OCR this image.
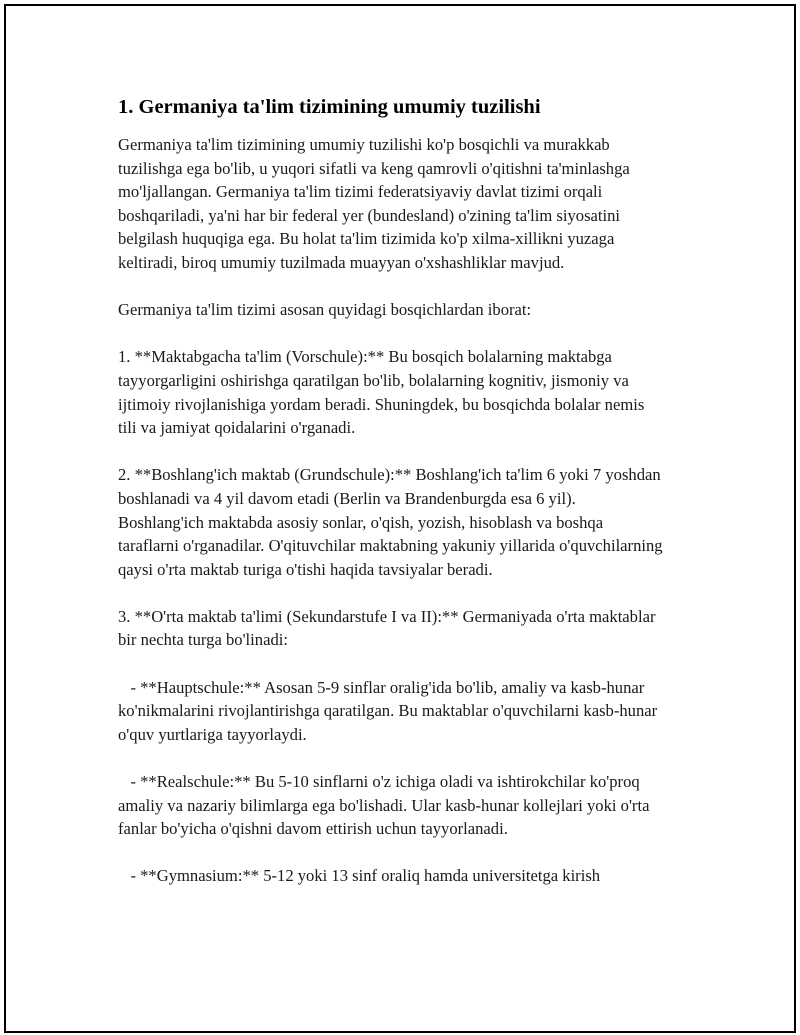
1. Germaniya ta'lim tizimining umumiy tuzilishi

Germaniya ta'lim tizimining umumiy tuzilishi ko'p bosqichli va murakkab tuzilishga ega bo'lib, u yuqori sifatli va keng qamrovli o'qitishni ta'minlashga mo'ljallangan. Germaniya ta'lim tizimi federatsiyaviy davlat tizimi orqali boshqariladi, ya'ni har bir federal yer (bundesland) o'zining ta'lim siyosatini belgilash huquqiga ega. Bu holat ta'lim tizimida ko'p xilma-xillikni yuzaga keltiradi, biroq umumiy tuzilmada muayyan o'xshashliklar mavjud.

Germaniya ta'lim tizimi asosan quyidagi bosqichlardan iborat:

1. **Maktabgacha ta'lim (Vorschule):** Bu bosqich bolalarning maktabga tayyorgarligini oshirishga qaratilgan bo'lib, bolalarning kognitiv, jismoniy va ijtimoiy rivojlanishiga yordam beradi. Shuningdek, bu bosqichda bolalar nemis tili va jamiyat qoidalarini o'rganadi.

2. **Boshlang'ich maktab (Grundschule):** Boshlang'ich ta'lim 6 yoki 7 yoshdan boshlanadi va 4 yil davom etadi (Berlin va Brandenburgda esa 6 yil). Boshlang'ich maktabda asosiy sonlar, o'qish, yozish, hisoblash va boshqa taraflarni o'rganadilar. O'qituvchilar maktabning yakuniy yillarida o'quvchilarning qaysi o'rta maktab turiga o'tishi haqida tavsiyalar beradi.

3. **O'rta maktab ta'limi (Sekundarstufe I va II):** Germaniyada o'rta maktablar bir nechta turga bo'linadi:

- **Hauptschule:** Asosan 5-9 sinflar oralig'ida bo'lib, amaliy va kasb-hunar ko'nikmalarini rivojlantirishga qaratilgan. Bu maktablar o'quvchilarni kasb-hunar o'quv yurtlariga tayyorlaydi.

- **Realschule:** Bu 5-10 sinflarni o'z ichiga oladi va ishtirokchilar ko'proq amaliy va nazariy bilimlarga ega bo'lishadi. Ular kasb-hunar kollejlari yoki o'rta fanlar bo'yicha o'qishni davom ettirish uchun tayyorlanadi.

- **Gymnasium:** 5-12 yoki 13 sinf oraliq hamda universitetga kirish
